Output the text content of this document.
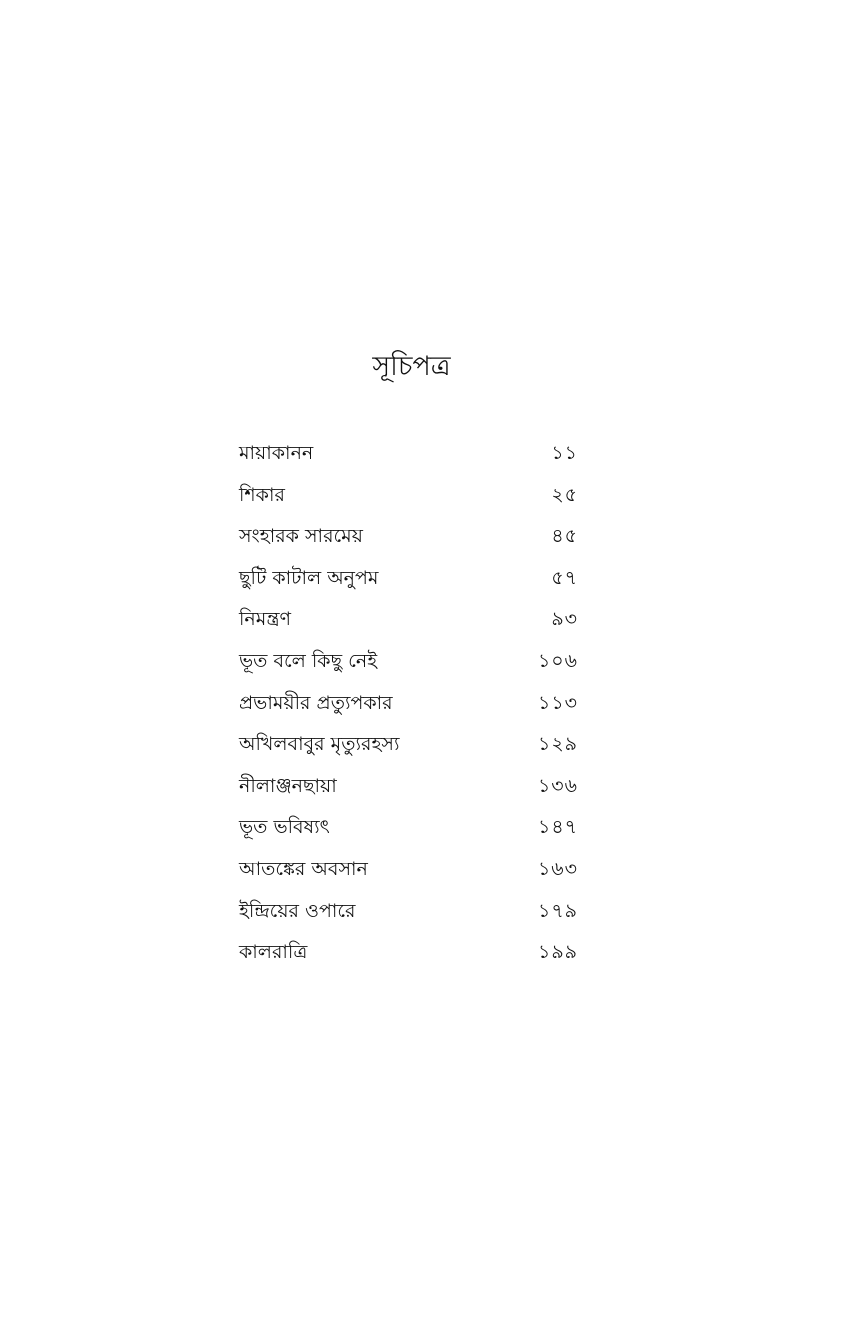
সূচিপত্র
মায়াকানন	১১
শিকার	২৫
সংহারক সারমেয়	৪৫
ছুটি কাটাল অনুপম	৫৭
নিমন্ত্রণ	৯৩
ভূত বলে কিছু নেই	১০৬
প্রভাময়ীর প্রত্যুপকার	১১৩
অখিলবাবুর মৃত্যুরহস্য	১২৯
নীলাঞ্জনছায়া	১৩৬
ভূত ভবিষ্যৎ	১৪৭
আতঙ্কের অবসান	১৬৩
ইন্দ্রিয়ের ওপারে	১৭৯
কালরাত্রি	১৯৯
